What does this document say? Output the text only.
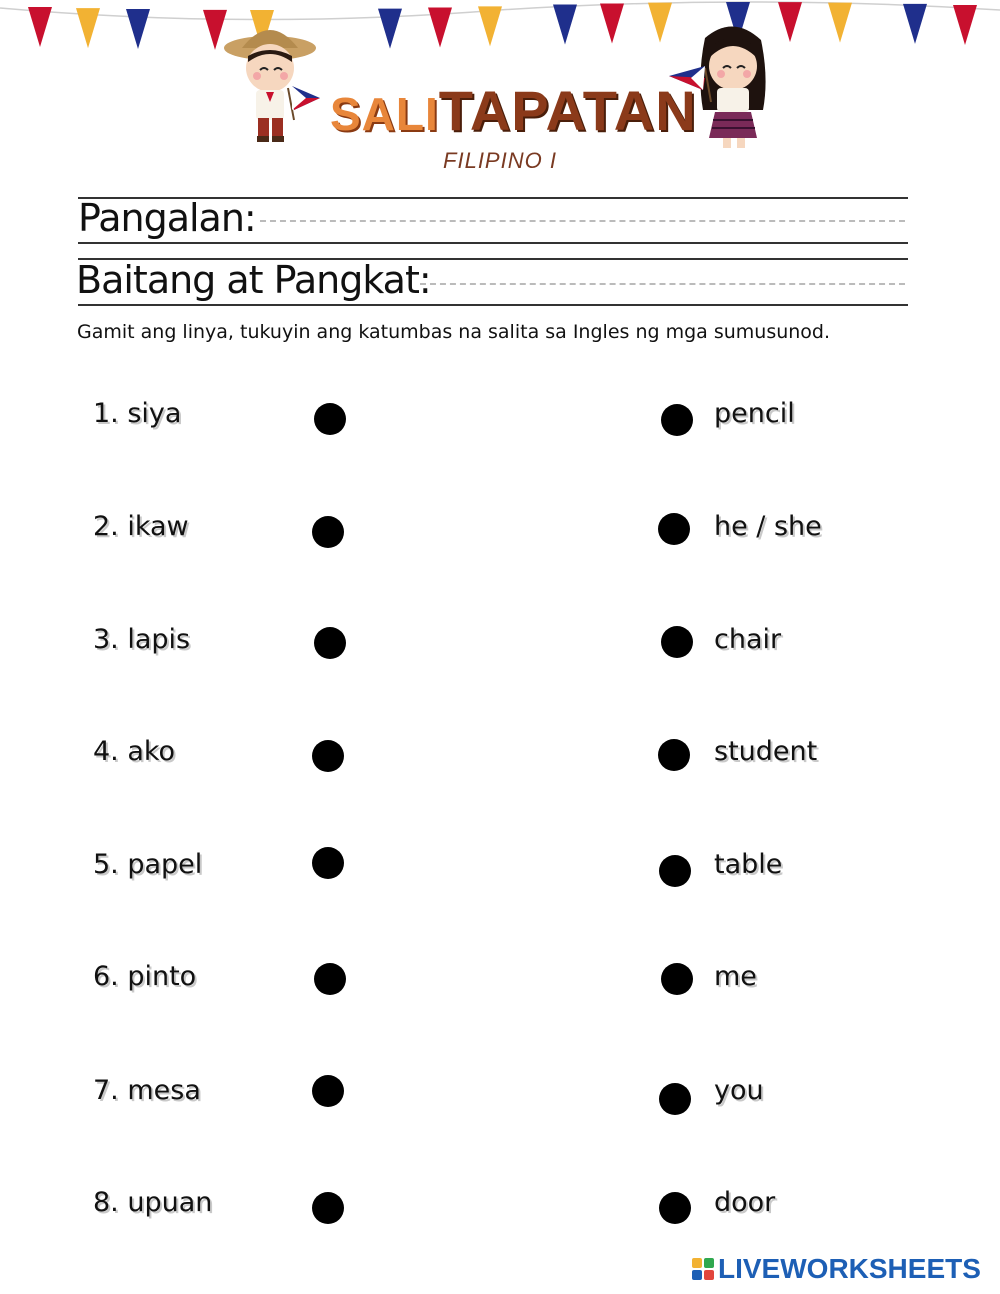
SALITAPATAN
FILIPINO I
Pangalan:
Baitang at Pangkat:
Gamit ang linya, tukuyin ang katumbas na salita sa Ingles ng mga sumusunod.
1. siya
2. ikaw
3. lapis
4. ako
5. papel
6. pinto
7. mesa
8. upuan
pencil
he / she
chair
student
table
me
you
door
LIVEWORKSHEETS
